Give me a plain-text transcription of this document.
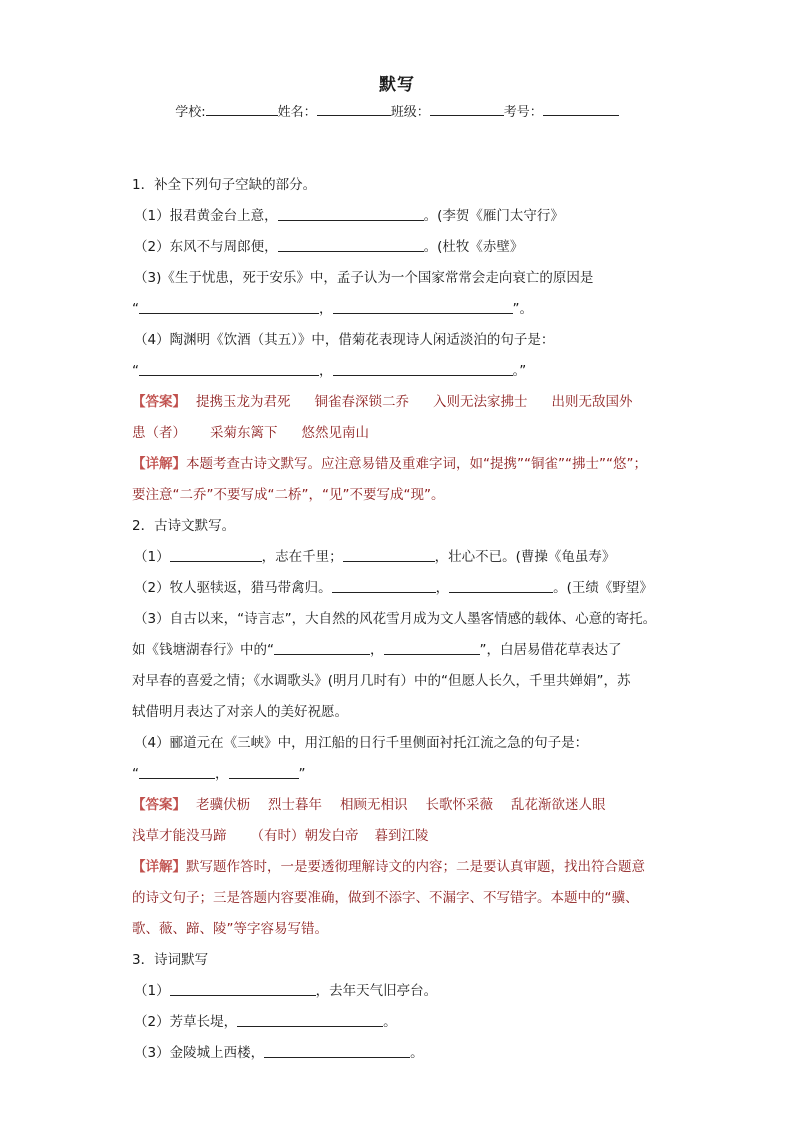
默写
学校:	姓名：	班级：	考号：
1．补全下列句子空缺的部分。
（1）报君黄金台上意，	。(李贺《雁门太守行》
（2）东风不与周郎便，	。(杜牧《赤壁》
（3)《生于忧患，死于安乐》中，孟子认为一个国家常常会走向衰亡的原因是
“	，	”。
（4）陶渊明《饮酒（其五）》中，借菊花表现诗人闲适淡泊的句子是：
“	，	。”
【答案】 提携玉龙为君死 铜雀春深锁二乔 入则无法家拂士 出则无敌国外
患（者） 采菊东篱下 悠然见南山
【详解】本题考查古诗文默写。应注意易错及重难字词，如“提携”“铜雀”“拂士”“悠”；
要注意“二乔”不要写成“二桥”，“见”不要写成“现”。
2．古诗文默写。
（1）	，志在千里；	，壮心不已。(曹操《龟虽寿》
（2）牧人驱犊返，猎马带禽归。	，	。(王绩《野望》
（3）自古以来，“诗言志”，大自然的风花雪月成为文人墨客情感的载体、心意的寄托。
如《钱塘湖春行》中的“	，	”，白居易借花草表达了
对早春的喜爱之情；《水调歌头》(明月几时有）中的“但愿人长久，千里共婵娟”，苏
轼借明月表达了对亲人的美好祝愿。
（4）郦道元在《三峡》中，用江船的日行千里侧面衬托江流之急的句子是：
“	，	”
【答案】 老骥伏枥 烈士暮年 相顾无相识 长歌怀采薇 乱花渐欲迷人眼
浅草才能没马蹄 （有时）朝发白帝 暮到江陵
【详解】默写题作答时，一是要透彻理解诗文的内容；二是要认真审题，找出符合题意
的诗文句子；三是答题内容要准确，做到不添字、不漏字、不写错字。本题中的“骥、
歌、薇、蹄、陵”等字容易写错。
3．诗词默写
（1）	，去年天气旧亭台。
（2）芳草长堤，	。
（3）金陵城上西楼，	。
